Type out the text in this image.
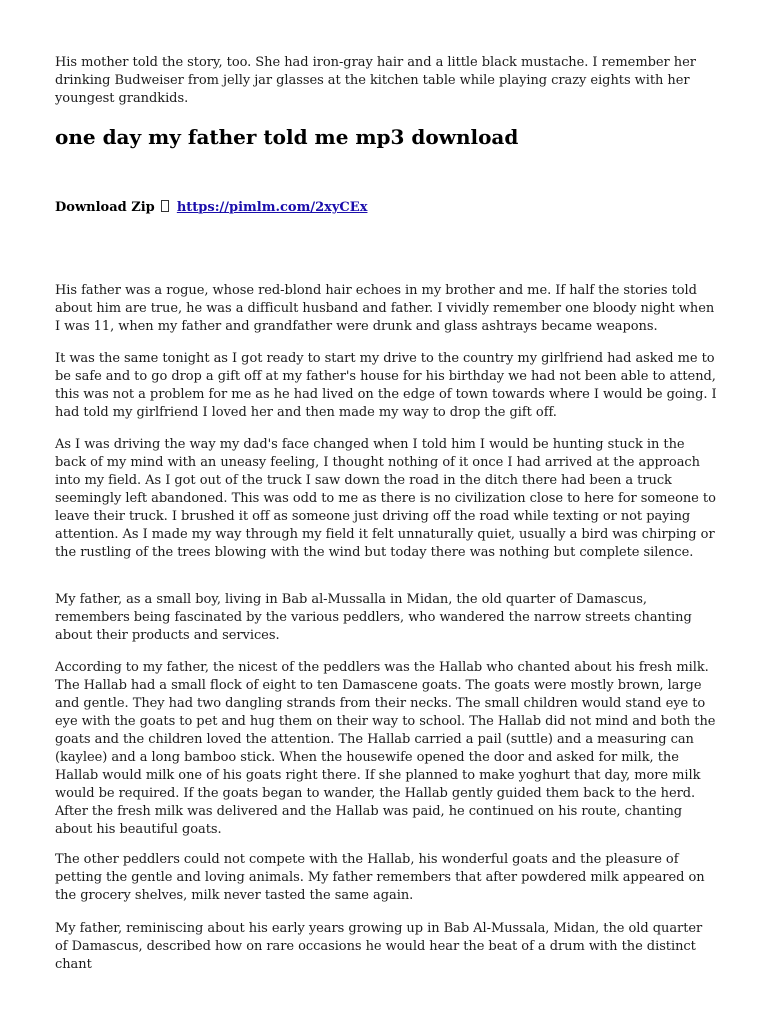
His mother told the story, too. She had iron-gray hair and a little black mustache. I remember her drinking Budweiser from jelly jar glasses at the kitchen table while playing crazy eights with her youngest grandkids.

one day my father told me mp3 download
Download Zip https://pimlm.com/2xyCEx

His father was a rogue, whose red-blond hair echoes in my brother and me. If half the stories told about him are true, he was a difficult husband and father. I vividly remember one bloody night when I was 11, when my father and grandfather were drunk and glass ashtrays became weapons.

It was the same tonight as I got ready to start my drive to the country my girlfriend had asked me to be safe and to go drop a gift off at my father's house for his birthday we had not been able to attend, this was not a problem for me as he had lived on the edge of town towards where I would be going. I had told my girlfriend I loved her and then made my way to drop the gift off.

As I was driving the way my dad's face changed when I told him I would be hunting stuck in the back of my mind with an uneasy feeling, I thought nothing of it once I had arrived at the approach into my field. As I got out of the truck I saw down the road in the ditch there had been a truck seemingly left abandoned. This was odd to me as there is no civilization close to here for someone to leave their truck. I brushed it off as someone just driving off the road while texting or not paying attention. As I made my way through my field it felt unnaturally quiet, usually a bird was chirping or the rustling of the trees blowing with the wind but today there was nothing but complete silence.

My father, as a small boy, living in Bab al-Mussalla in Midan, the old quarter of Damascus, remembers being fascinated by the various peddlers, who wandered the narrow streets chanting about their products and services.

According to my father, the nicest of the peddlers was the Hallab who chanted about his fresh milk. The Hallab had a small flock of eight to ten Damascene goats. The goats were mostly brown, large and gentle. They had two dangling strands from their necks. The small children would stand eye to eye with the goats to pet and hug them on their way to school. The Hallab did not mind and both the goats and the children loved the attention. The Hallab carried a pail (suttle) and a measuring can (kaylee) and a long bamboo stick. When the housewife opened the door and asked for milk, the Hallab would milk one of his goats right there. If she planned to make yoghurt that day, more milk would be required. If the goats began to wander, the Hallab gently guided them back to the herd. After the fresh milk was delivered and the Hallab was paid, he continued on his route, chanting about his beautiful goats.

The other peddlers could not compete with the Hallab, his wonderful goats and the pleasure of petting the gentle and loving animals. My father remembers that after powdered milk appeared on the grocery shelves, milk never tasted the same again.

My father, reminiscing about his early years growing up in Bab Al-Mussala, Midan, the old quarter of Damascus, described how on rare occasions he would hear the beat of a drum with the distinct chant
